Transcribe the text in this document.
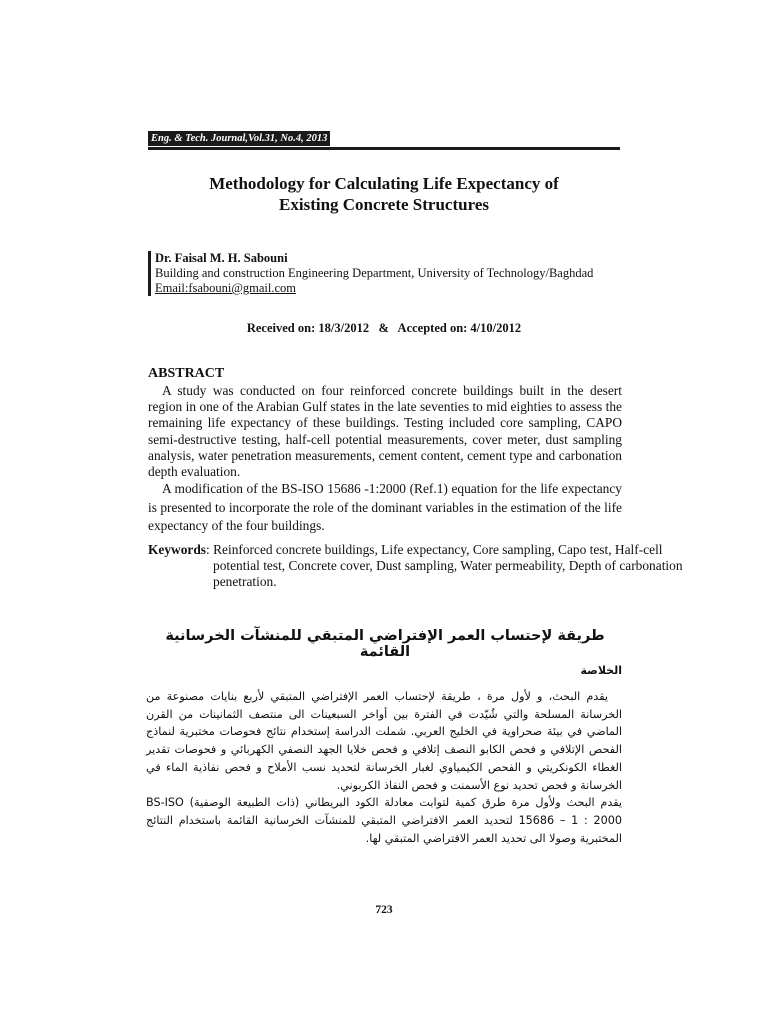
Eng. & Tech. Journal,Vol.31, No.4, 2013
Methodology for Calculating Life Expectancy of
Existing Concrete Structures
Dr. Faisal M. H. Sabouni
Building and construction Engineering Department, University of Technology/Baghdad
Email:fsabouni@gmail.com
Received on: 18/3/2012   &   Accepted on: 4/10/2012
ABSTRACT

A study was conducted on four reinforced concrete buildings built in the desert region in one of the Arabian Gulf states in the late seventies to mid eighties to assess the remaining life expectancy of these buildings. Testing included core sampling, CAPO semi-destructive testing, half-cell potential measurements, cover meter, dust sampling analysis, water penetration measurements, cement content, cement type and carbonation depth evaluation.

A modification of the BS-ISO 15686 -1:2000 (Ref.1) equation for the life expectancy is presented to incorporate the role of the dominant variables in the estimation of the life expectancy of the four buildings.

Keywords: Reinforced concrete buildings, Life expectancy, Core sampling, Capo test, Half-cell potential test, Concrete cover, Dust sampling, Water permeability, Depth of carbonation penetration.
طريقة لإحتساب العمر الإفتراضي المتبقي للمنشآت الخرسانية القائمة
الخلاصة

يقدم البحث، و لأول مرة ، طريقة لإحتساب العمر الإفتراضي المتبقي لأربع بنايات مصنوعة من الخرسانة المسلحة والتي شُيّدت في الفترة بين أواخر السبعينات الى منتصف الثمانينات من القرن الماضي في بيئة صحراوية في الخليج العربي. شملت الدراسة إستخدام نتائج فحوصات مختبرية لنماذج الفحص الإتلافي و فحص الكابو النصف إتلافي و فحص خلايا الجهد النصفي الكهربائي و فحوصات تقدير الغطاء الكونكريتي و الفحص الكيمياوي لغبار الخرسانة لتحديد نسب الأملاح و فحص نفاذية الماء في الخرسانة و فحص تحديد نوع الأسمنت و فحص النفاذ الكربوني.

يقدم البحث ولأول مرة طرق كمية لتوابت معادلة الكود البريطاني (ذات الطبيعة الوصفية) BS-ISO 15686 – 1 : 2000 لتحديد العمر الافتراضي المتبقي للمنشآت الخرسانية القائمة باستخدام النتائج المختبرية وصولا الى تحديد العمر الافتراضي المتبقي لها.

723
